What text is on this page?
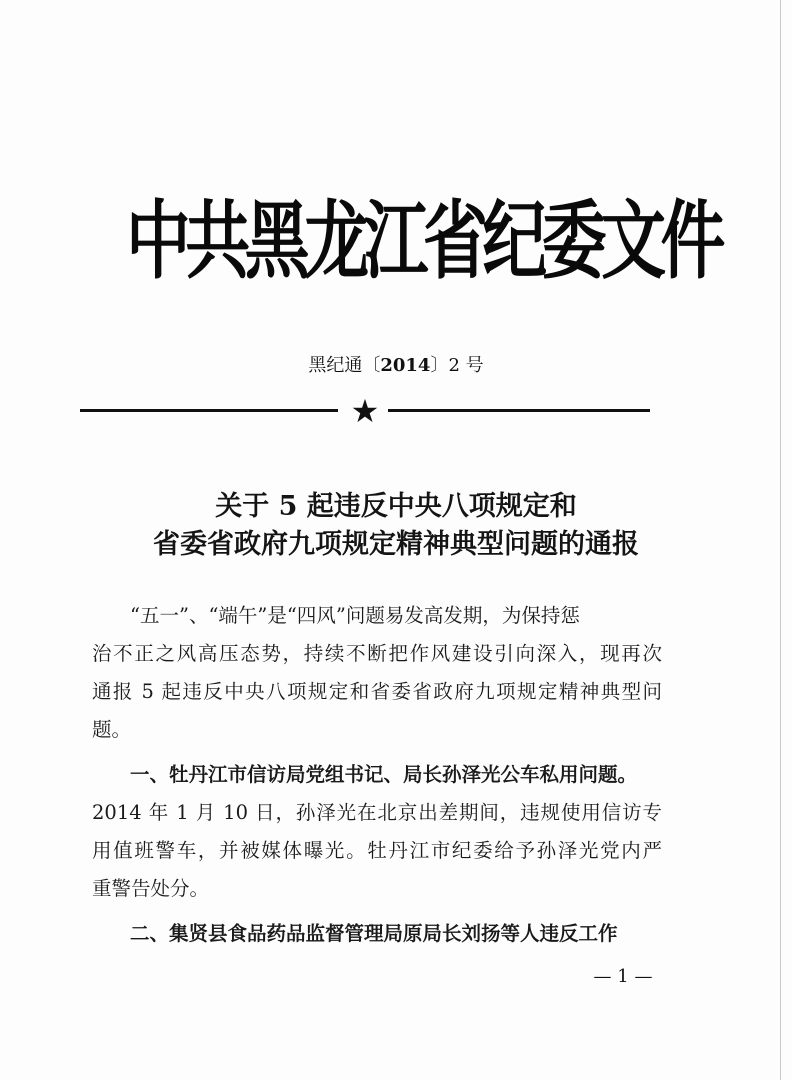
中共黑龙江省纪委文件
黑纪通〔2014〕2 号
★
关于 5 起违反中央八项规定和
省委省政府九项规定精神典型问题的通报
“五一”、“端午”是“四风”问题易发高发期，为保持惩
治不正之风高压态势，持续不断把作风建设引向深入，现再次
通报 5 起违反中央八项规定和省委省政府九项规定精神典型问
题。
一、牡丹江市信访局党组书记、局长孙泽光公车私用问题。
2014 年 1 月 10 日，孙泽光在北京出差期间，违规使用信访专
用值班警车，并被媒体曝光。牡丹江市纪委给予孙泽光党内严
重警告处分。
二、集贤县食品药品监督管理局原局长刘扬等人违反工作
— 1 —
